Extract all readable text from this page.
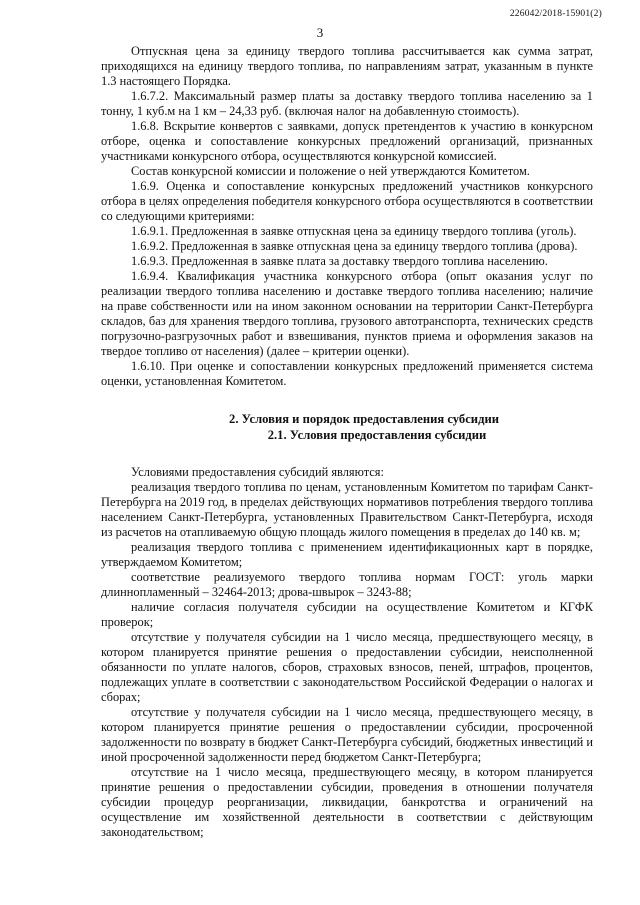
226042/2018-15901(2)
3

Отпускная цена за единицу твердого топлива рассчитывается как сумма затрат, приходящихся на единицу твердого топлива, по направлениям затрат, указанным в пункте 1.3 настоящего Порядка.

1.6.7.2. Максимальный размер платы за доставку твердого топлива населению за 1 тонну, 1 куб.м на 1 км – 24,33 руб. (включая налог на добавленную стоимость).

1.6.8. Вскрытие конвертов с заявками, допуск претендентов к участию в конкурсном отборе, оценка и сопоставление конкурсных предложений организаций, признанных участниками конкурсного отбора, осуществляются конкурсной комиссией.

Состав конкурсной комиссии и положение о ней утверждаются Комитетом.

1.6.9. Оценка и сопоставление конкурсных предложений участников конкурсного отбора в целях определения победителя конкурсного отбора осуществляются в соответствии со следующими критериями:

1.6.9.1. Предложенная в заявке отпускная цена за единицу твердого топлива (уголь).

1.6.9.2. Предложенная в заявке отпускная цена за единицу твердого топлива (дрова).

1.6.9.3. Предложенная в заявке плата за доставку твердого топлива населению.

1.6.9.4. Квалификация участника конкурсного отбора (опыт оказания услуг по реализации твердого топлива населению и доставке твердого топлива населению; наличие на праве собственности или на ином законном основании на территории Санкт-Петербурга складов, баз для хранения твердого топлива, грузового автотранспорта, технических средств погрузочно-разгрузочных работ и взвешивания, пунктов приема и оформления заказов на твердое топливо от населения) (далее – критерии оценки).

1.6.10. При оценке и сопоставлении конкурсных предложений применяется система оценки, установленная Комитетом.

2. Условия и порядок предоставления субсидии
2.1. Условия предоставления субсидии

Условиями предоставления субсидий являются:

реализация твердого топлива по ценам, установленным Комитетом по тарифам Санкт-Петербурга на 2019 год, в пределах действующих нормативов потребления твердого топлива населением Санкт-Петербурга, установленных Правительством Санкт-Петербурга, исходя из расчетов на отапливаемую общую площадь жилого помещения в пределах до 140 кв. м;

реализация твердого топлива с применением идентификационных карт в порядке, утверждаемом Комитетом;

соответствие реализуемого твердого топлива нормам ГОСТ: уголь марки длиннопламенный – 32464-2013; дрова-швырок – 3243-88;

наличие согласия получателя субсидии на осуществление Комитетом и КГФК проверок;

отсутствие у получателя субсидии на 1 число месяца, предшествующего месяцу, в котором планируется принятие решения о предоставлении субсидии, неисполненной обязанности по уплате налогов, сборов, страховых взносов, пеней, штрафов, процентов, подлежащих уплате в соответствии с законодательством Российской Федерации о налогах и сборах;

отсутствие у получателя субсидии на 1 число месяца, предшествующего месяцу, в котором планируется принятие решения о предоставлении субсидии, просроченной задолженности по возврату в бюджет Санкт-Петербурга субсидий, бюджетных инвестиций и иной просроченной задолженности перед бюджетом Санкт-Петербурга;

отсутствие на 1 число месяца, предшествующего месяцу, в котором планируется принятие решения о предоставлении субсидии, проведения в отношении получателя субсидии процедур реорганизации, ликвидации, банкротства и ограничений на осуществление им хозяйственной деятельности в соответствии с действующим законодательством;
